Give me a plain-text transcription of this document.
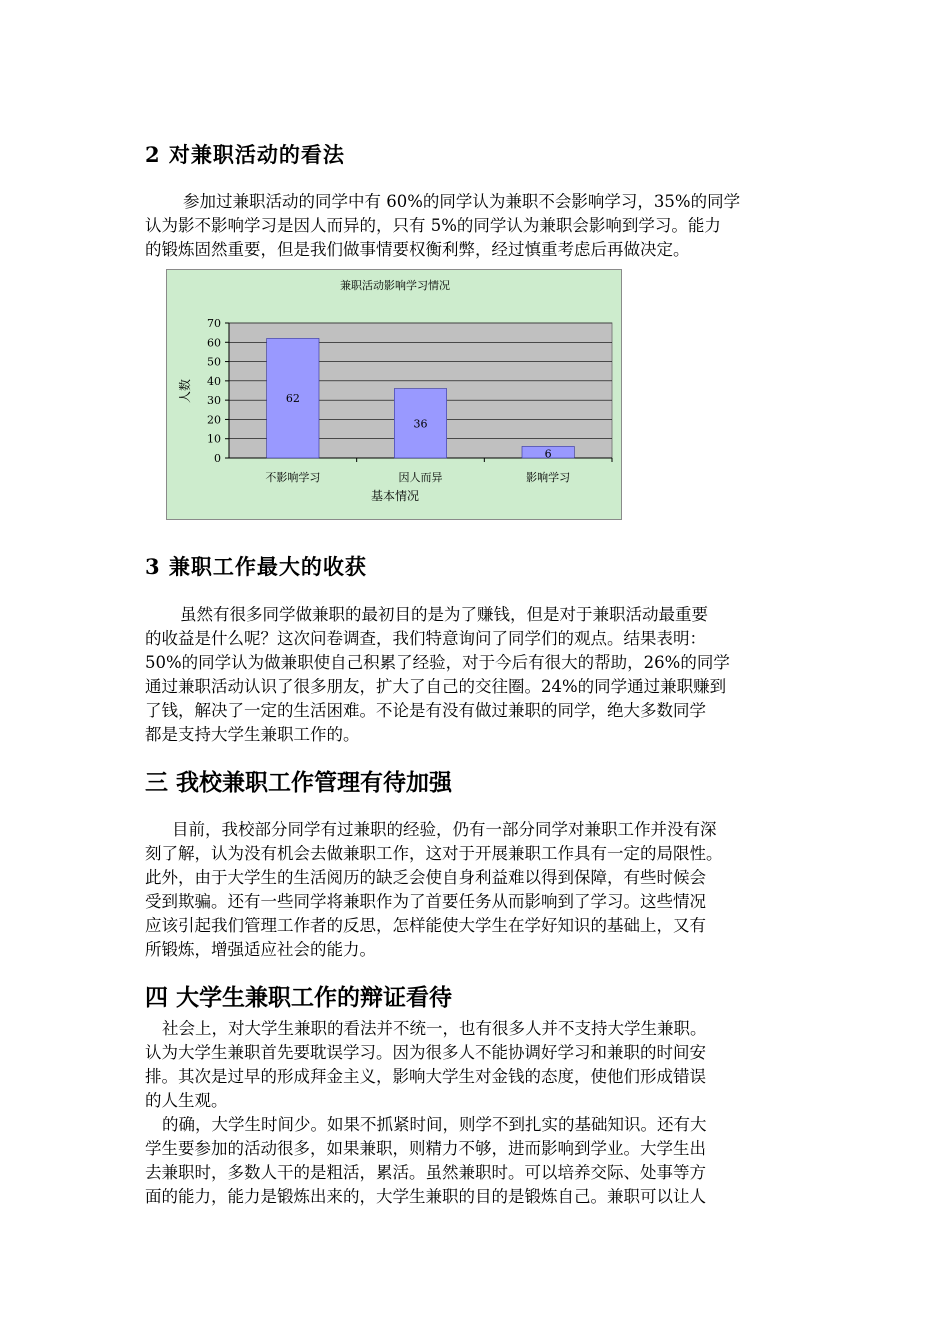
2 对兼职活动的看法

参加过兼职活动的同学中有 60%的同学认为兼职不会影响学习，35%的同学
认为影不影响学习是因人而异的，只有 5%的同学认为兼职会影响到学习。能力
的锻炼固然重要，但是我们做事情要权衡利弊，经过慎重考虑后再做决定。

兼职活动影响学习情况
0
10
20
30
40
50
60
70
62
不影响学习
36
因人而异
6
影响学习
基本情况
人数
3 兼职工作最大的收获

虽然有很多同学做兼职的最初目的是为了赚钱，但是对于兼职活动最重要
的收益是什么呢？这次问卷调查，我们特意询问了同学们的观点。结果表明：
50%的同学认为做兼职使自己积累了经验，对于今后有很大的帮助，26%的同学
通过兼职活动认识了很多朋友，扩大了自己的交往圈。24%的同学通过兼职赚到
了钱，解决了一定的生活困难。不论是有没有做过兼职的同学，绝大多数同学
都是支持大学生兼职工作的。

三 我校兼职工作管理有待加强

目前，我校部分同学有过兼职的经验，仍有一部分同学对兼职工作并没有深
刻了解，认为没有机会去做兼职工作，这对于开展兼职工作具有一定的局限性。
此外，由于大学生的生活阅历的缺乏会使自身利益难以得到保障，有些时候会
受到欺骗。还有一些同学将兼职作为了首要任务从而影响到了学习。这些情况
应该引起我们管理工作者的反思，怎样能使大学生在学好知识的基础上，又有
所锻炼，增强适应社会的能力。

四 大学生兼职工作的辩证看待

社会上，对大学生兼职的看法并不统一，也有很多人并不支持大学生兼职。
认为大学生兼职首先要耽误学习。因为很多人不能协调好学习和兼职的时间安
排。其次是过早的形成拜金主义，影响大学生对金钱的态度，使他们形成错误
的人生观。
的确，大学生时间少。如果不抓紧时间，则学不到扎实的基础知识。还有大
学生要参加的活动很多，如果兼职，则精力不够，进而影响到学业。大学生出
去兼职时，多数人干的是粗活，累活。虽然兼职时。可以培养交际、处事等方
面的能力，能力是锻炼出来的，大学生兼职的目的是锻炼自己。兼职可以让人
